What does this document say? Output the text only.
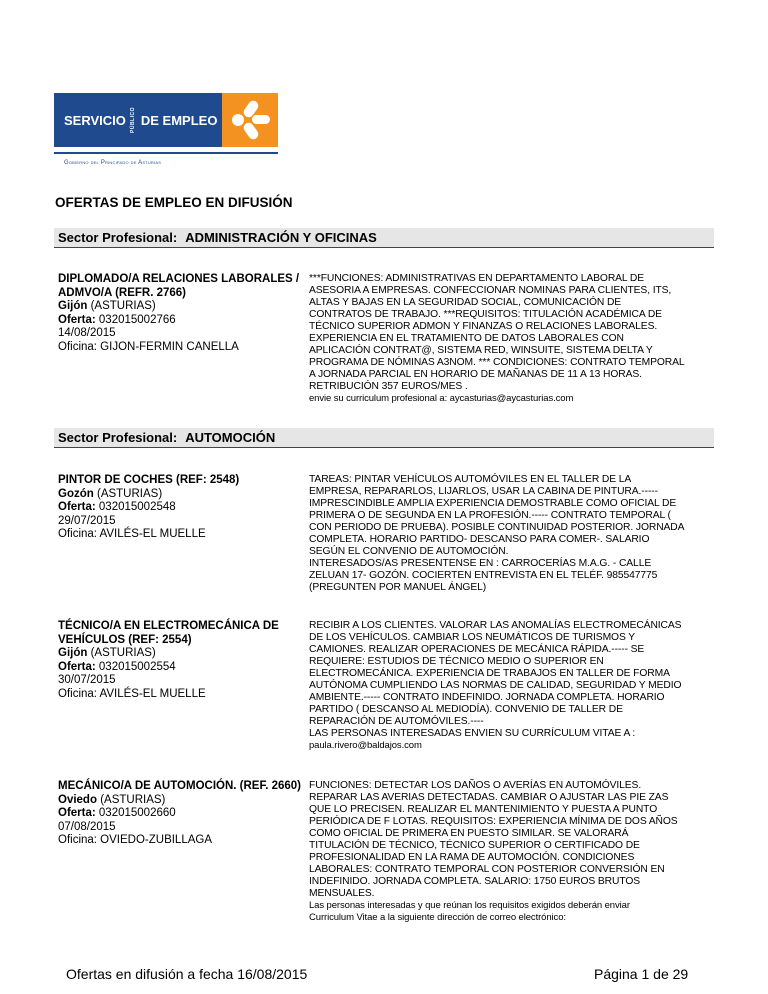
SERVICIO PÚBLICO DE EMPLEO
Gobierno del Principado de Asturias
OFERTAS DE EMPLEO EN DIFUSIÓN
Sector Profesional: ADMINISTRACIÓN Y OFICINAS
DIPLOMADO/A RELACIONES LABORALES / ADMVO/A (REFR. 2766)
Gijón (ASTURIAS)
Oferta: 032015002766
14/08/2015
Oficina: GIJON-FERMIN CANELLA
***FUNCIONES: ADMINISTRATIVAS EN DEPARTAMENTO LABORAL DE
ASESORIA A EMPRESAS. CONFECCIONAR NOMINAS PARA CLIENTES, ITS,
ALTAS Y BAJAS EN LA SEGURIDAD SOCIAL, COMUNICACIÓN DE
CONTRATOS DE TRABAJO. ***REQUISITOS: TITULACIÓN ACADÉMICA DE
TÉCNICO SUPERIOR ADMON Y FINANZAS O RELACIONES LABORALES.
EXPERIENCIA EN EL TRATAMIENTO DE DATOS LABORALES CON
APLICACIÓN CONTRAT@, SISTEMA RED, WINSUITE, SISTEMA DELTA Y
PROGRAMA DE NÓMINAS A3NOM. *** CONDICIONES: CONTRATO TEMPORAL
A JORNADA PARCIAL EN HORARIO DE MAÑANAS DE 11 A 13 HORAS.
RETRIBUCIÓN 357 EUROS/MES .
envie su curriculum profesional a: aycasturias@aycasturias.com
Sector Profesional: AUTOMOCIÓN
PINTOR DE COCHES (REF: 2548)
Gozón (ASTURIAS)
Oferta: 032015002548
29/07/2015
Oficina: AVILÉS-EL MUELLE
TAREAS: PINTAR VEHÍCULOS AUTOMÓVILES EN EL TALLER DE LA
EMPRESA, REPARARLOS, LIJARLOS, USAR LA CABINA DE PINTURA.-----
IMPRESCINDIBLE AMPLIA EXPERIENCIA DEMOSTRABLE COMO OFICIAL DE
PRIMERA O DE SEGUNDA EN LA PROFESIÓN.----- CONTRATO TEMPORAL (
CON PERIODO DE PRUEBA). POSIBLE CONTINUIDAD POSTERIOR. JORNADA
COMPLETA. HORARIO PARTIDO- DESCANSO PARA COMER-. SALARIO
SEGÚN EL CONVENIO DE AUTOMOCIÓN.
INTERESADOS/AS PRESENTENSE EN : CARROCERÍAS M.A.G. - CALLE
ZELUAN 17- GOZÓN. COCIERTEN ENTREVISTA EN EL TELÉF. 985547775
(PREGUNTEN POR MANUEL ÁNGEL)
TÉCNICO/A EN ELECTROMECÁNICA DE VEHÍCULOS (REF: 2554)
Gijón (ASTURIAS)
Oferta: 032015002554
30/07/2015
Oficina: AVILÉS-EL MUELLE
RECIBIR A LOS CLIENTES. VALORAR LAS ANOMALÍAS ELECTROMECÁNICAS
DE LOS VEHÍCULOS. CAMBIAR LOS NEUMÁTICOS DE TURISMOS Y
CAMIONES. REALIZAR OPERACIONES DE MECÁNICA RÁPIDA.----- SE
REQUIERE: ESTUDIOS DE TÉCNICO MEDIO O SUPERIOR EN
ELECTROMECÁNICA. EXPERIENCIA DE TRABAJOS EN TALLER DE FORMA
AUTÓNOMA CUMPLIENDO LAS NORMAS DE CALIDAD, SEGURIDAD Y MEDIO
AMBIENTE.----- CONTRATO INDEFINIDO. JORNADA COMPLETA. HORARIO
PARTIDO ( DESCANSO AL MEDIODÍA). CONVENIO DE TALLER DE
REPARACIÓN DE AUTOMÓVILES.----
LAS PERSONAS INTERESADAS ENVIEN SU CURRÍCULUM VITAE A :
paula.rivero@baldajos.com
MECÁNICO/A DE AUTOMOCIÓN. (REF. 2660)
Oviedo (ASTURIAS)
Oferta: 032015002660
07/08/2015
Oficina: OVIEDO-ZUBILLAGA
FUNCIONES: DETECTAR LOS DAÑOS O AVERÍAS EN AUTOMÓVILES.
REPARAR LAS AVERIAS DETECTADAS. CAMBIAR O AJUSTAR LAS PIE ZAS
QUE LO PRECISEN. REALIZAR EL MANTENIMIENTO Y PUESTA A PUNTO
PERIÓDICA DE F LOTAS. REQUISITOS: EXPERIENCIA MÍNIMA DE DOS AÑOS
COMO OFICIAL DE PRIMERA EN PUESTO SIMILAR. SE VALORARÁ
TITULACIÓN DE TÉCNICO, TÉCNICO SUPERIOR O CERTIFICADO DE
PROFESIONALIDAD EN LA RAMA DE AUTOMOCIÓN. CONDICIONES
LABORALES: CONTRATO TEMPORAL CON POSTERIOR CONVERSIÓN EN
INDEFINIDO. JORNADA COMPLETA. SALARIO: 1750 EUROS BRUTOS
MENSUALES.
Las personas interesadas y que reúnan los requisitos exigidos deberán enviar
Curriculum Vitae a la siguiente dirección de correo electrónico:
Ofertas en difusión a fecha 16/08/2015	Página 1 de 29
